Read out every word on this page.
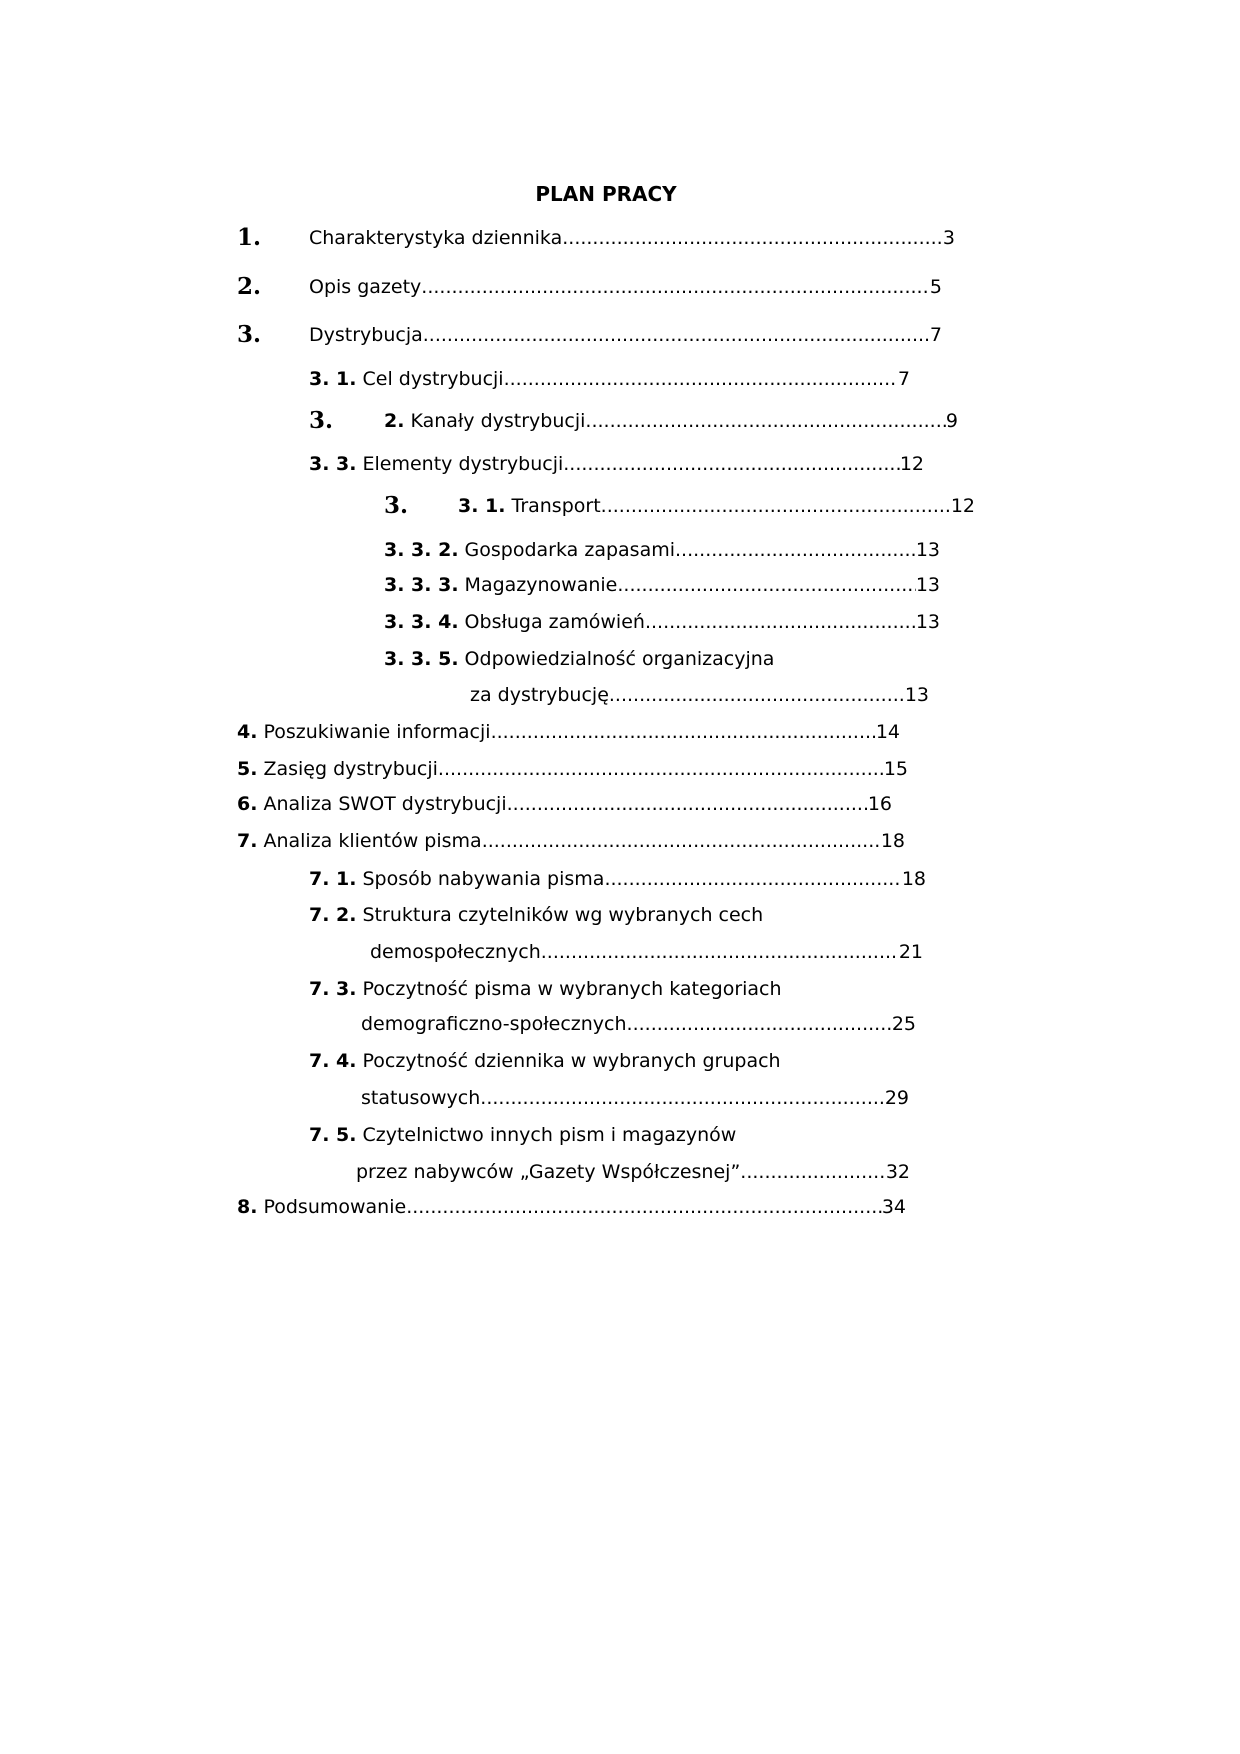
PLAN PRACY
1.	Charakterystyka dziennika .....	3
2.	Opis gazety .....	5
3.	Dystrybucja .....	7
3. 1. Cel dystrybucji .....	7
3.	2. Kanały dystrybucji .....	9
3. 3. Elementy dystrybucji .....	12
3.	3. 1. Transport .....	12
3. 3. 2. Gospodarka zapasami .....	13
3. 3. 3. Magazynowanie .....	13
3. 3. 4. Obsługa zamówień .....	13
3. 3. 5. Odpowiedzialność organizacyjna
za dystrybucję .....	13
4. Poszukiwanie informacji .....	14
5. Zasięg dystrybucji .....	15
6. Analiza SWOT dystrybucji .....	16
7. Analiza klientów pisma .....	18
7. 1. Sposób nabywania pisma .....	18
7. 2. Struktura czytelników wg wybranych cech
demospołecznych .....	21
7. 3. Poczytność pisma w wybranych kategoriach
demograficzno-społecznych .....	25
7. 4. Poczytność dziennika w wybranych grupach
statusowych .....	29
7. 5. Czytelnictwo innych pism i magazynów
przez nabywców „Gazety Współczesnej” .....	32
8. Podsumowanie .....	34
